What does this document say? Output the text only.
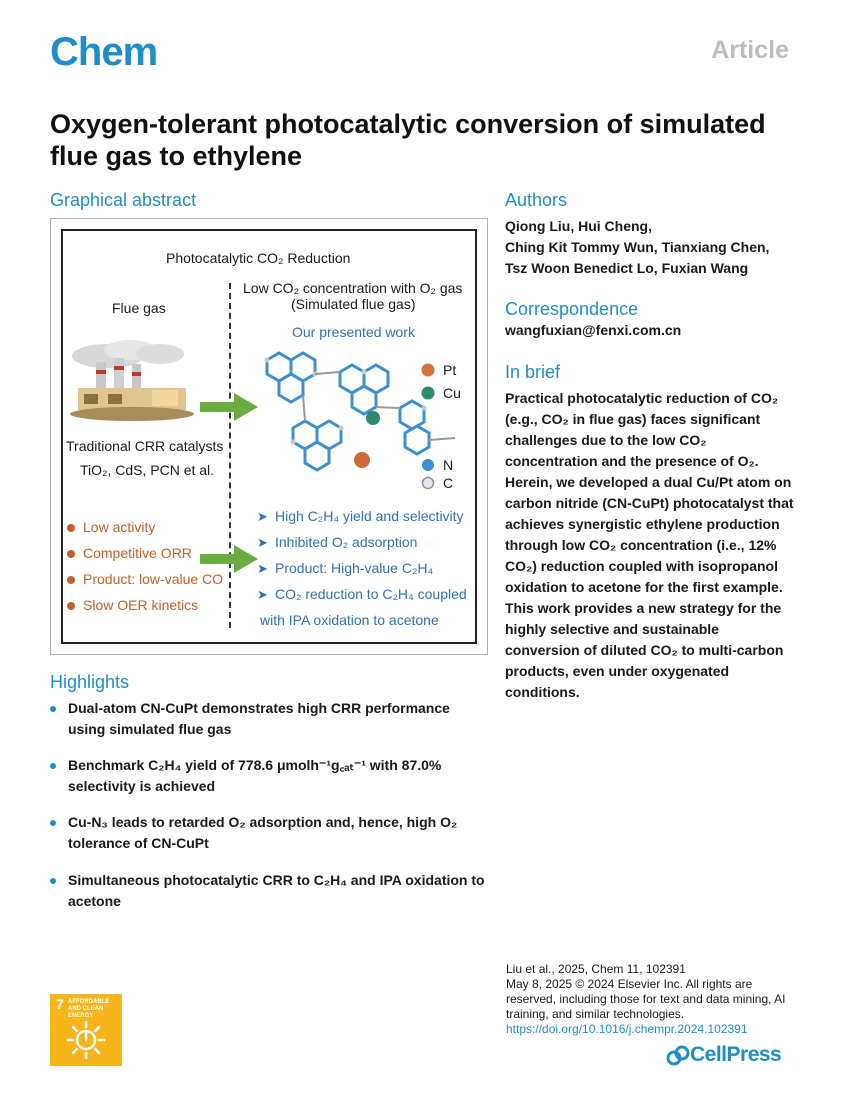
Chem	Article
Oxygen-tolerant photocatalytic conversion of simulated flue gas to ethylene
Graphical abstract
Photocatalytic CO₂ Reduction
Flue gas
Low CO₂ concentration with O₂ gas
(Simulated flue gas)
Our presented work
Pt
Cu
N
C
Traditional CRR catalysts
TiO₂, CdS, PCN et al.
Low activity
Competitive ORR
Product: low-value CO
Slow OER kinetics
➤ High C₂H₄ yield and selectivity
➤ Inhibited O₂ adsorption
➤ Product: High-value C₂H₄
➤ CO₂ reduction to C₂H₄ coupled
with IPA oxidation to acetone
Authors
Qiong Liu, Hui Cheng,
Ching Kit Tommy Wun, Tianxiang Chen,
Tsz Woon Benedict Lo, Fuxian Wang
Correspondence
wangfuxian@fenxi.com.cn
In brief
Practical photocatalytic reduction of CO₂ (e.g., CO₂ in flue gas) faces significant challenges due to the low CO₂ concentration and the presence of O₂. Herein, we developed a dual Cu/Pt atom on carbon nitride (CN-CuPt) photocatalyst that achieves synergistic ethylene production through low CO₂ concentration (i.e., 12% CO₂) reduction coupled with isopropanol oxidation to acetone for the first example. This work provides a new strategy for the highly selective and sustainable conversion of diluted CO₂ to multi-carbon products, even under oxygenated conditions.
Highlights
Dual-atom CN-CuPt demonstrates high CRR performance using simulated flue gas
Benchmark C₂H₄ yield of 778.6 μmolh⁻¹g꜀ₐₜ⁻¹ with 87.0% selectivity is achieved
Cu-N₃ leads to retarded O₂ adsorption and, hence, high O₂ tolerance of CN-CuPt
Simultaneous photocatalytic CRR to C₂H₄ and IPA oxidation to acetone
Liu et al., 2025, Chem 11, 102391
May 8, 2025 © 2024 Elsevier Inc. All rights are reserved, including those for text and data mining, AI training, and similar technologies.
https://doi.org/10.1016/j.chempr.2024.102391
7 AFFORDABLE AND CLEAN ENERGY
CellPress
